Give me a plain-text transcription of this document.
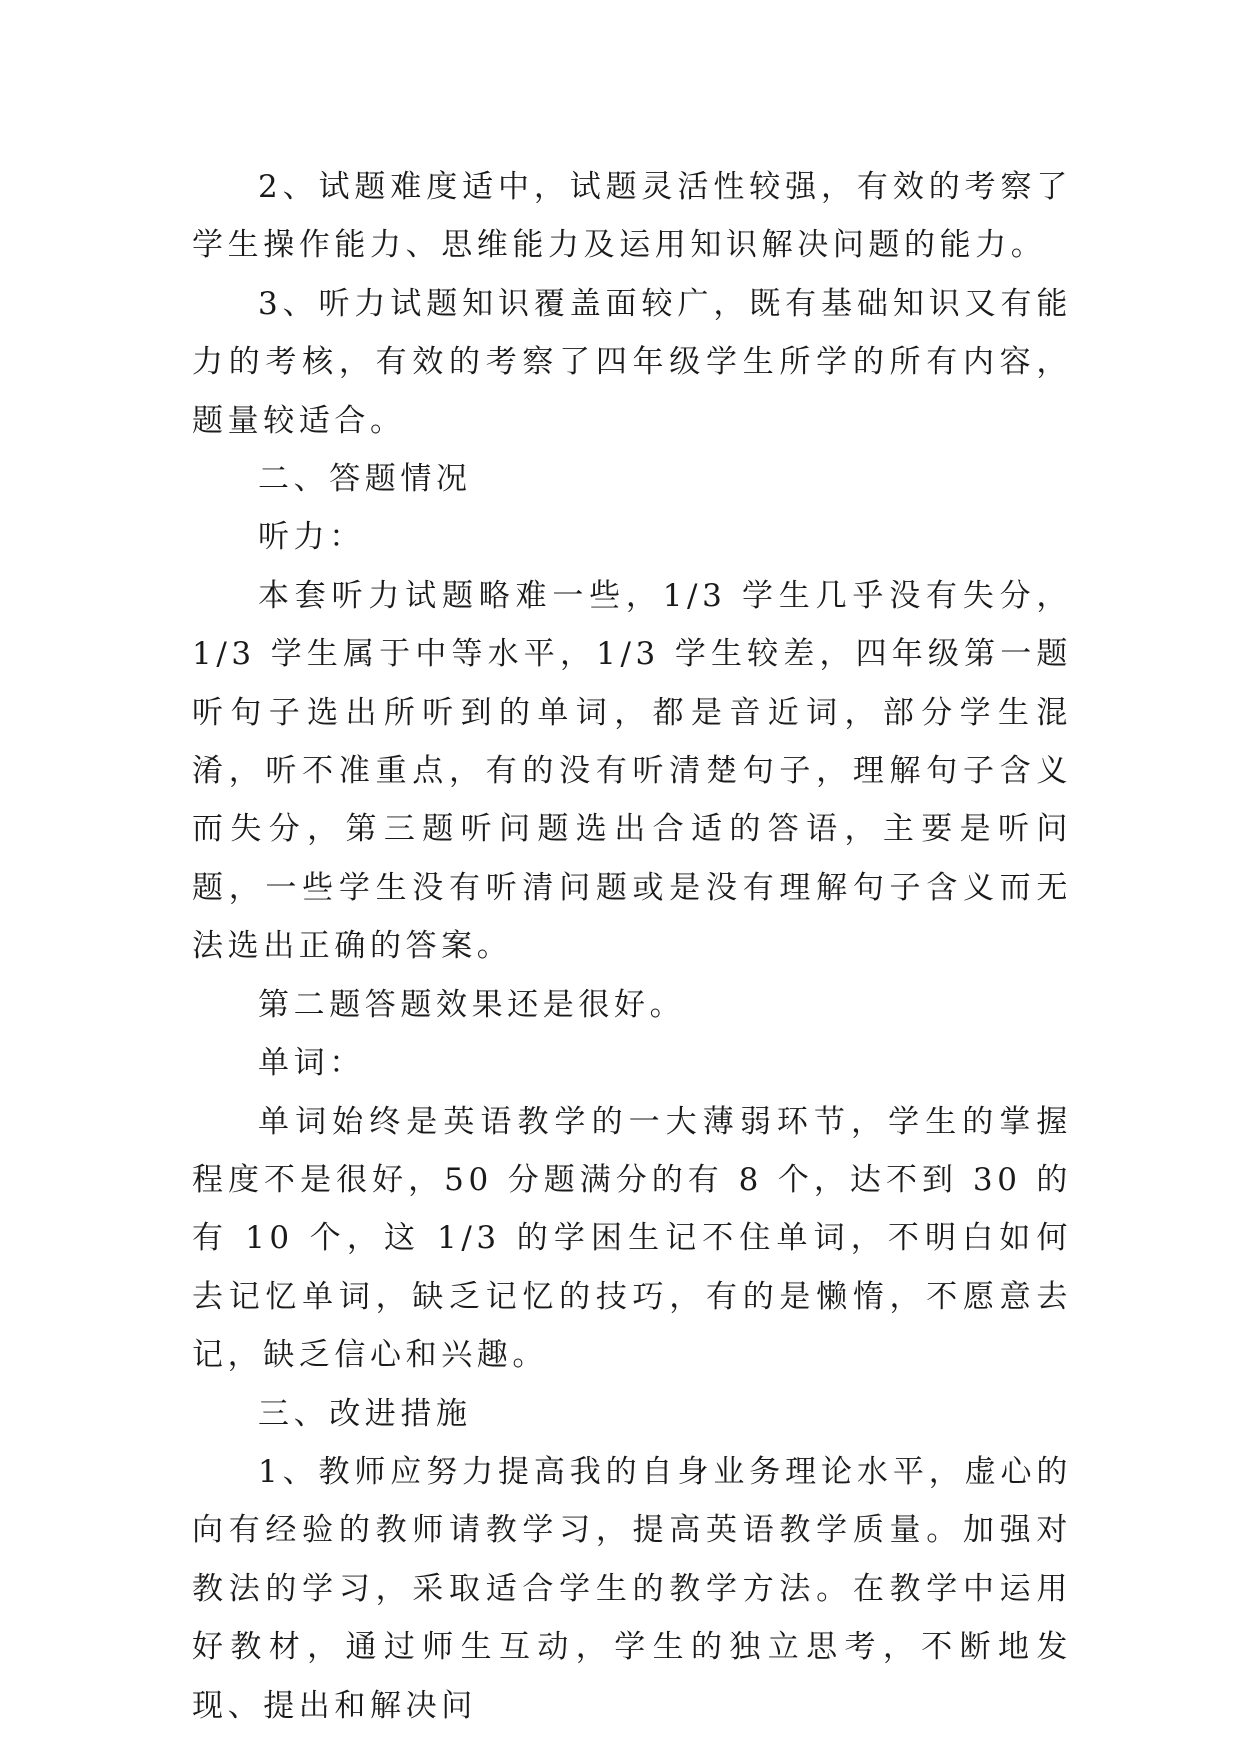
2、试题难度适中，试题灵活性较强，有效的考察了学生操作能力、思维能力及运用知识解决问题的能力。

3、听力试题知识覆盖面较广，既有基础知识又有能力的考核，有效的考察了四年级学生所学的所有内容，题量较适合。

二、答题情况

听力：

本套听力试题略难一些，1/3 学生几乎没有失分，1/3 学生属于中等水平，1/3 学生较差，四年级第一题听句子选出所听到的单词，都是音近词，部分学生混淆，听不准重点，有的没有听清楚句子，理解句子含义而失分，第三题听问题选出合适的答语，主要是听问题，一些学生没有听清问题或是没有理解句子含义而无法选出正确的答案。

第二题答题效果还是很好。

单词：

单词始终是英语教学的一大薄弱环节，学生的掌握程度不是很好，50 分题满分的有 8 个，达不到 30 的有 10 个，这 1/3 的学困生记不住单词，不明白如何去记忆单词，缺乏记忆的技巧，有的是懒惰，不愿意去记，缺乏信心和兴趣。

三、改进措施

1、教师应努力提高我的自身业务理论水平，虚心的向有经验的教师请教学习，提高英语教学质量。加强对教法的学习，采取适合学生的教学方法。在教学中运用好教材，通过师生互动，学生的独立思考，不断地发现、提出和解决问
